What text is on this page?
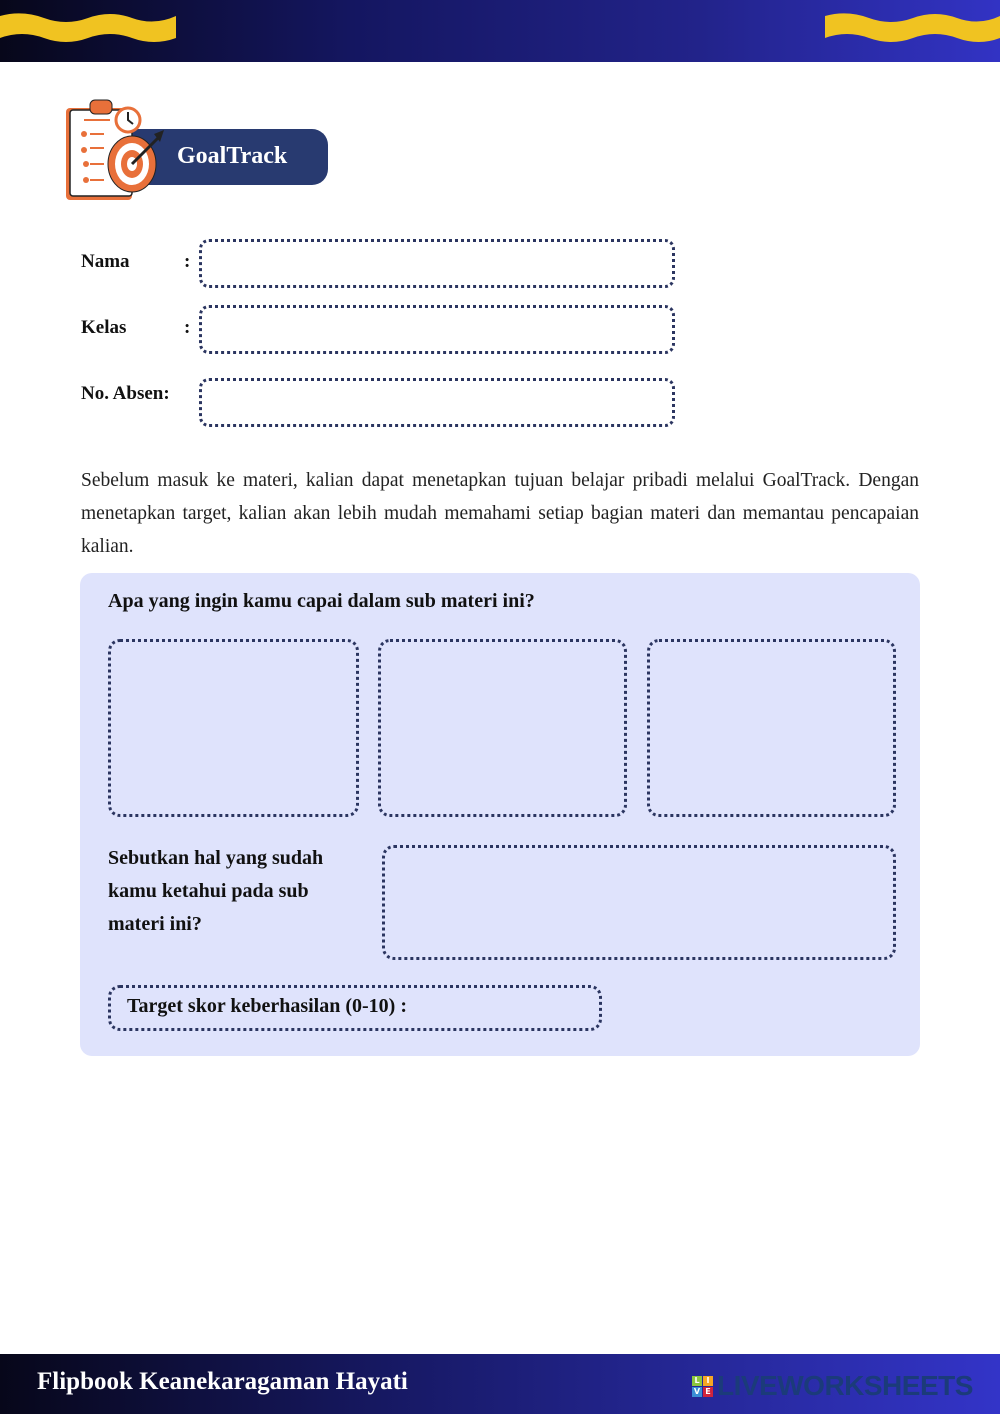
GoalTrack
Nama	:
Kelas	:
No. Absen:

Sebelum masuk ke materi, kalian dapat menetapkan tujuan belajar pribadi melalui GoalTrack. Dengan menetapkan target, kalian akan lebih mudah memahami setiap bagian materi dan memantau pencapaian kalian.

Apa yang ingin kamu capai dalam sub materi ini?
Sebutkan hal yang sudah kamu ketahui pada sub materi ini?
Target skor keberhasilan (0-10) :
Flipbook Keanekaragaman Hayati	L I
V E LIVEWORKSHEETS
